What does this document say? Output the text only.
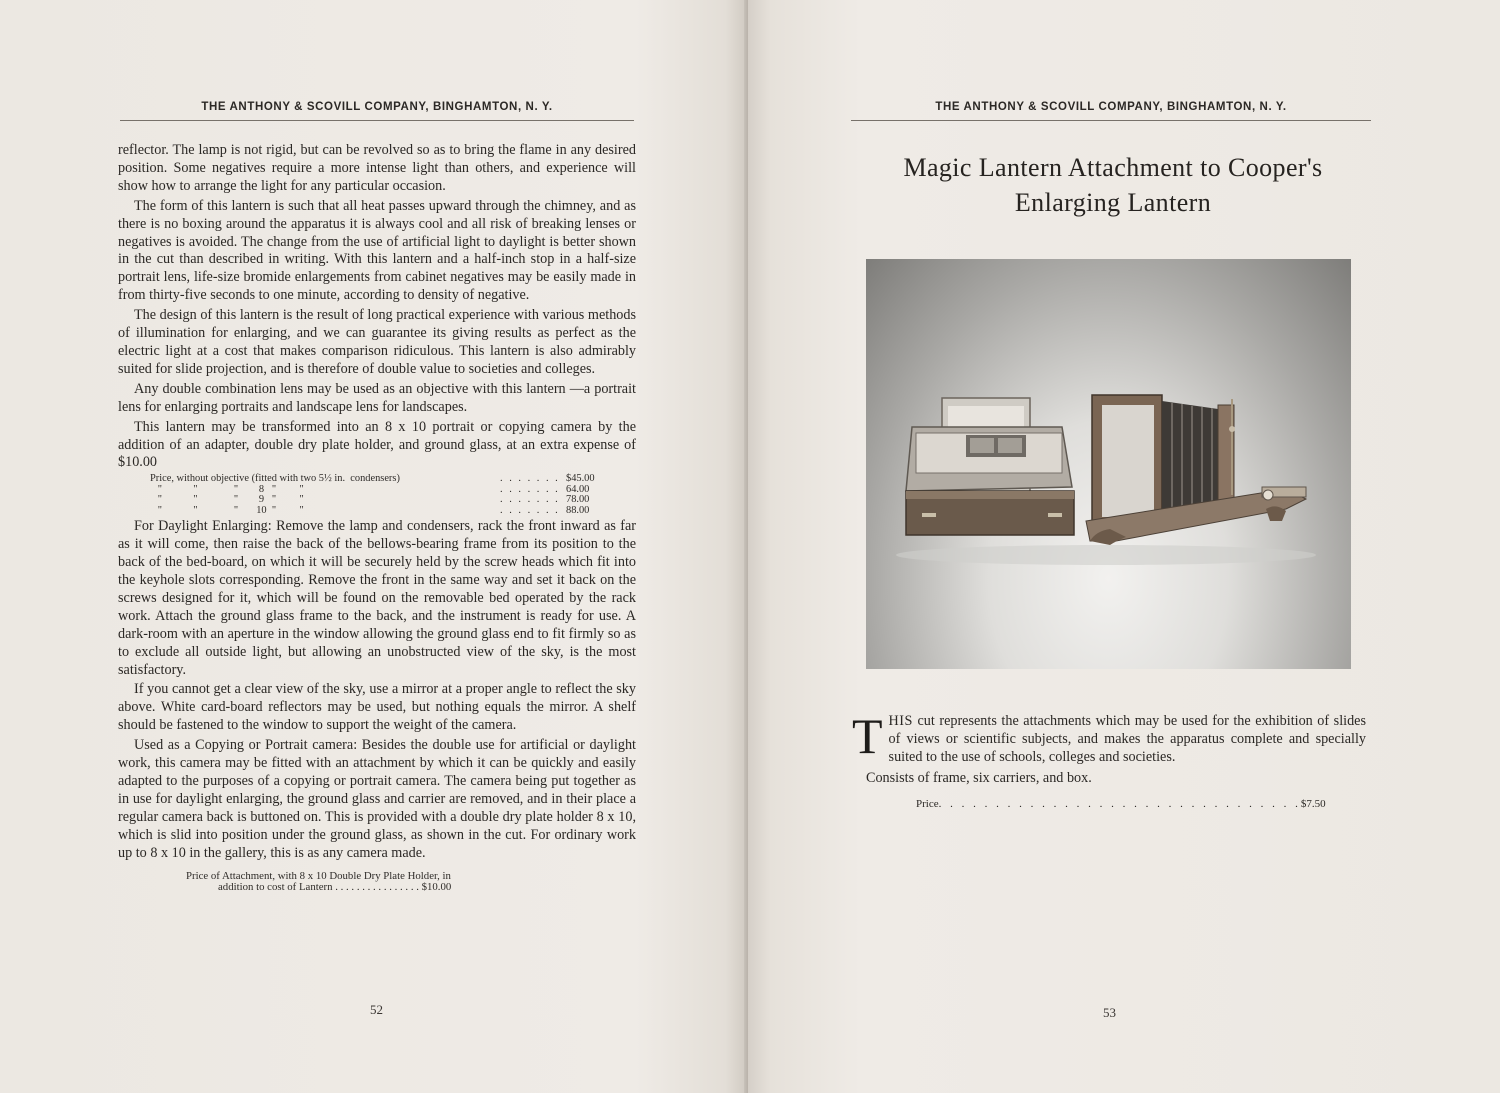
THE ANTHONY & SCOVILL COMPANY, BINGHAMTON, N. Y.

reflector. The lamp is not rigid, but can be revolved so as to bring the flame in any desired position. Some negatives require a more intense light than others, and experience will show how to arrange the light for any particular occasion.

The form of this lantern is such that all heat passes upward through the chimney, and as there is no boxing around the apparatus it is always cool and all risk of breaking lenses or negatives is avoided. The change from the use of artificial light to daylight is better shown in the cut than described in writing. With this lantern and a half-inch stop in a half-size portrait lens, life-size bromide enlargements from cabinet negatives may be easily made in from thirty-five seconds to one minute, according to density of negative.

The design of this lantern is the result of long practical experience with various methods of illumination for enlarging, and we can guarantee its giving results as perfect as the electric light at a cost that makes comparison ridiculous. This lantern is also admirably suited for slide projection, and is therefore of double value to societies and colleges.

Any double combination lens may be used as an objective with this lantern —a portrait lens for enlarging portraits and landscape lens for landscapes.

This lantern may be transformed into an 8 x 10 portrait or copying camera by the addition of an adapter, double dry plate holder, and ground glass, at an extra expense of $10.00

Price, without objective (fitted with two 5½ in.  condensers)	. . . . . . . $45.00
"            "              "        8   "         "	. . . . . . . 64.00
"            "              "        9   "         "	. . . . . . . 78.00
"            "              "       10  "         "	. . . . . . . 88.00

For Daylight Enlarging: Remove the lamp and condensers, rack the front inward as far as it will come, then raise the back of the bellows-bearing frame from its position to the back of the bed-board, on which it will be securely held by the screw heads which fit into the keyhole slots corresponding. Remove the front in the same way and set it back on the screws designed for it, which will be found on the removable bed operated by the rack work. Attach the ground glass frame to the back, and the instrument is ready for use. A dark-room with an aperture in the window allowing the ground glass end to fit firmly so as to exclude all outside light, but allowing an unobstructed view of the sky, is the most satisfactory.

If you cannot get a clear view of the sky, use a mirror at a proper angle to reflect the sky above. White card-board reflectors may be used, but nothing equals the mirror. A shelf should be fastened to the window to support the weight of the camera.

Used as a Copying or Portrait camera: Besides the double use for artificial or daylight work, this camera may be fitted with an attachment by which it can be quickly and easily adapted to the purposes of a copying or portrait camera. The camera being put together as in use for daylight enlarging, the ground glass and carrier are removed, and in their place a regular camera back is buttoned on. This is provided with a double dry plate holder 8 x 10, which is slid into position under the ground glass, as shown in the cut. For ordinary work up to 8 x 10 in the gallery, this is as any camera made.

Price of Attachment, with 8 x 10 Double Dry Plate Holder, in
addition to cost of Lantern . . . . . . . . . . . . . . . . $10.00
52
THE ANTHONY & SCOVILL COMPANY, BINGHAMTON, N. Y.
Magic Lantern Attachment to Cooper's
Enlarging Lantern

THIS cut represents the attachments which may be used for the exhibition of slides of views or scientific subjects, and makes the apparatus complete and specially suited to the use of schools, colleges and societies.

Consists of frame, six carriers, and box.

Price . . . . . . . . . . . . . . . . . . . . . . . . . . . . . . . . $7.50
53
